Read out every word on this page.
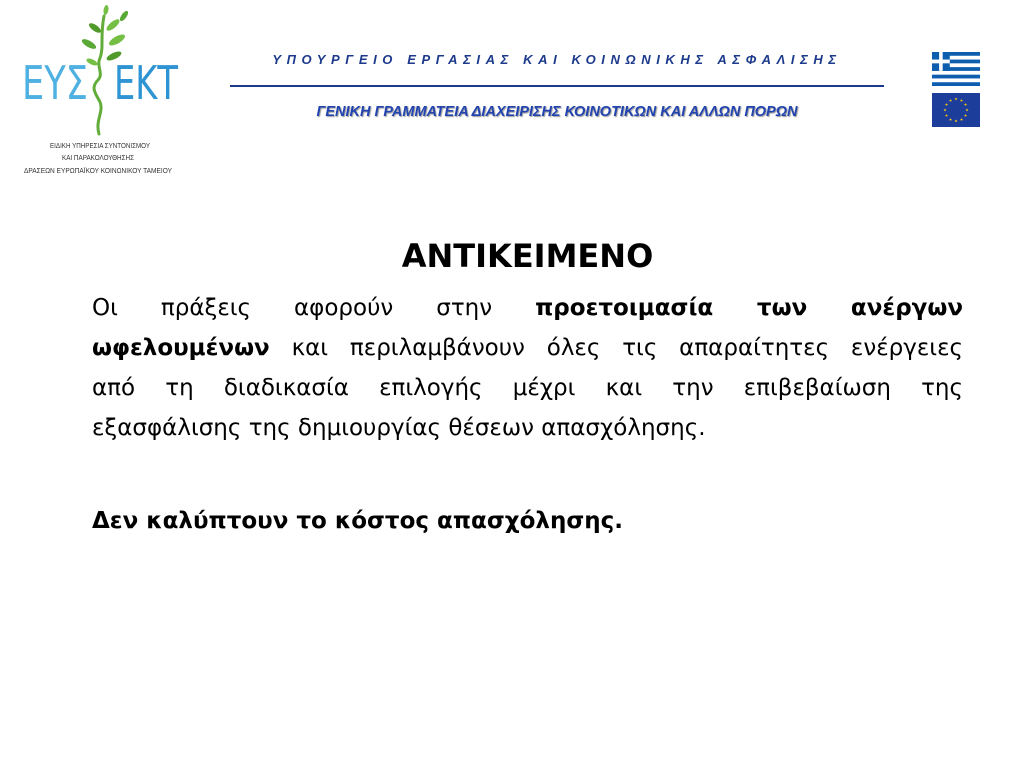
ΕΥΣ ΕΚΤ
ΕΙΔΙΚΗ ΥΠΗΡΕΣΙΑ ΣΥΝΤΟΝΙΣΜΟΥ
ΚΑΙ ΠΑΡΑΚΟΛΟΥΘΗΣΗΣ
ΔΡΑΣΕΩΝ ΕΥΡΩΠΑΪΚΟΥ ΚΟΙΝΩΝΙΚΟΥ ΤΑΜΕΙΟΥ
ΥΠΟΥΡΓΕΙΟ ΕΡΓΑΣΙΑΣ ΚΑΙ ΚΟΙΝΩΝΙΚΗΣ ΑΣΦΑΛΙΣΗΣ
ΓΕΝΙΚΗ ΓΡΑΜΜΑΤΕΙΑ ΔΙΑΧΕΙΡΙΣΗΣ ΚΟΙΝΟΤΙΚΩΝ ΚΑΙ ΑΛΛΩΝ ΠΟΡΩΝ
ΑΝΤΙΚΕΙΜΕΝΟ
Οι πράξεις αφορούν στην προετοιμασία των ανέργων
ωφελουμένων και περιλαμβάνουν όλες τις απαραίτητες ενέργειες
από τη διαδικασία επιλογής μέχρι και την επιβεβαίωση της
εξασφάλισης της δημιουργίας θέσεων απασχόλησης.
Δεν καλύπτουν το κόστος απασχόλησης.
